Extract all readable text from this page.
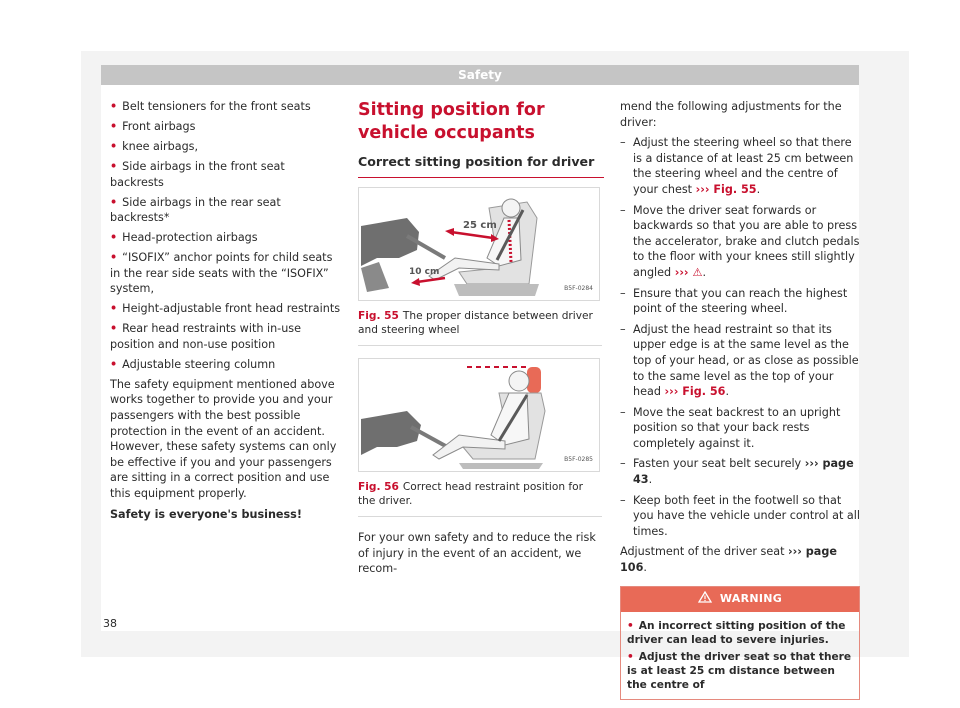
Safety
• Belt tensioners for the front seats
• Front airbags
• knee airbags,
• Side airbags in the front seat backrests
• Side airbags in the rear seat backrests*
• Head-protection airbags
• “ISOFIX” anchor points for child seats in the rear side seats with the “ISOFIX” system,
• Height-adjustable front head restraints
• Rear head restraints with in-use position and non-use position
• Adjustable steering column

The safety equipment mentioned above works together to provide you and your passengers with the best possible protection in the event of an accident. However, these safety systems can only be effective if you and your passengers are sitting in a correct position and use this equipment properly.

Safety is everyone's business!

Sitting position for vehicle occupants
Correct sitting position for driver
25 cm
10 cm
B5F-0284
Fig. 55 The proper distance between driver and steering wheel
B5F-0285
Fig. 56 Correct head restraint position for the driver.

For your own safety and to reduce the risk of injury in the event of an accident, we recom-

mend the following adjustments for the driver:

– Adjust the steering wheel so that there is a distance of at least 25 cm between the steering wheel and the centre of your chest ››› Fig. 55.
– Move the driver seat forwards or backwards so that you are able to press the accelerator, brake and clutch pedals to the floor with your knees still slightly angled ››› ⚠.
– Ensure that you can reach the highest point of the steering wheel.
– Adjust the head restraint so that its upper edge is at the same level as the top of your head, or as close as possible to the same level as the top of your head ››› Fig. 56.
– Move the seat backrest to an upright position so that your back rests completely against it.
– Fasten your seat belt securely ››› page 43.
– Keep both feet in the footwell so that you have the vehicle under control at all times.

Adjustment of the driver seat ››› page 106.

WARNING
• An incorrect sitting position of the driver can lead to severe injuries.
• Adjust the driver seat so that there is at least 25 cm distance between the centre of
38
